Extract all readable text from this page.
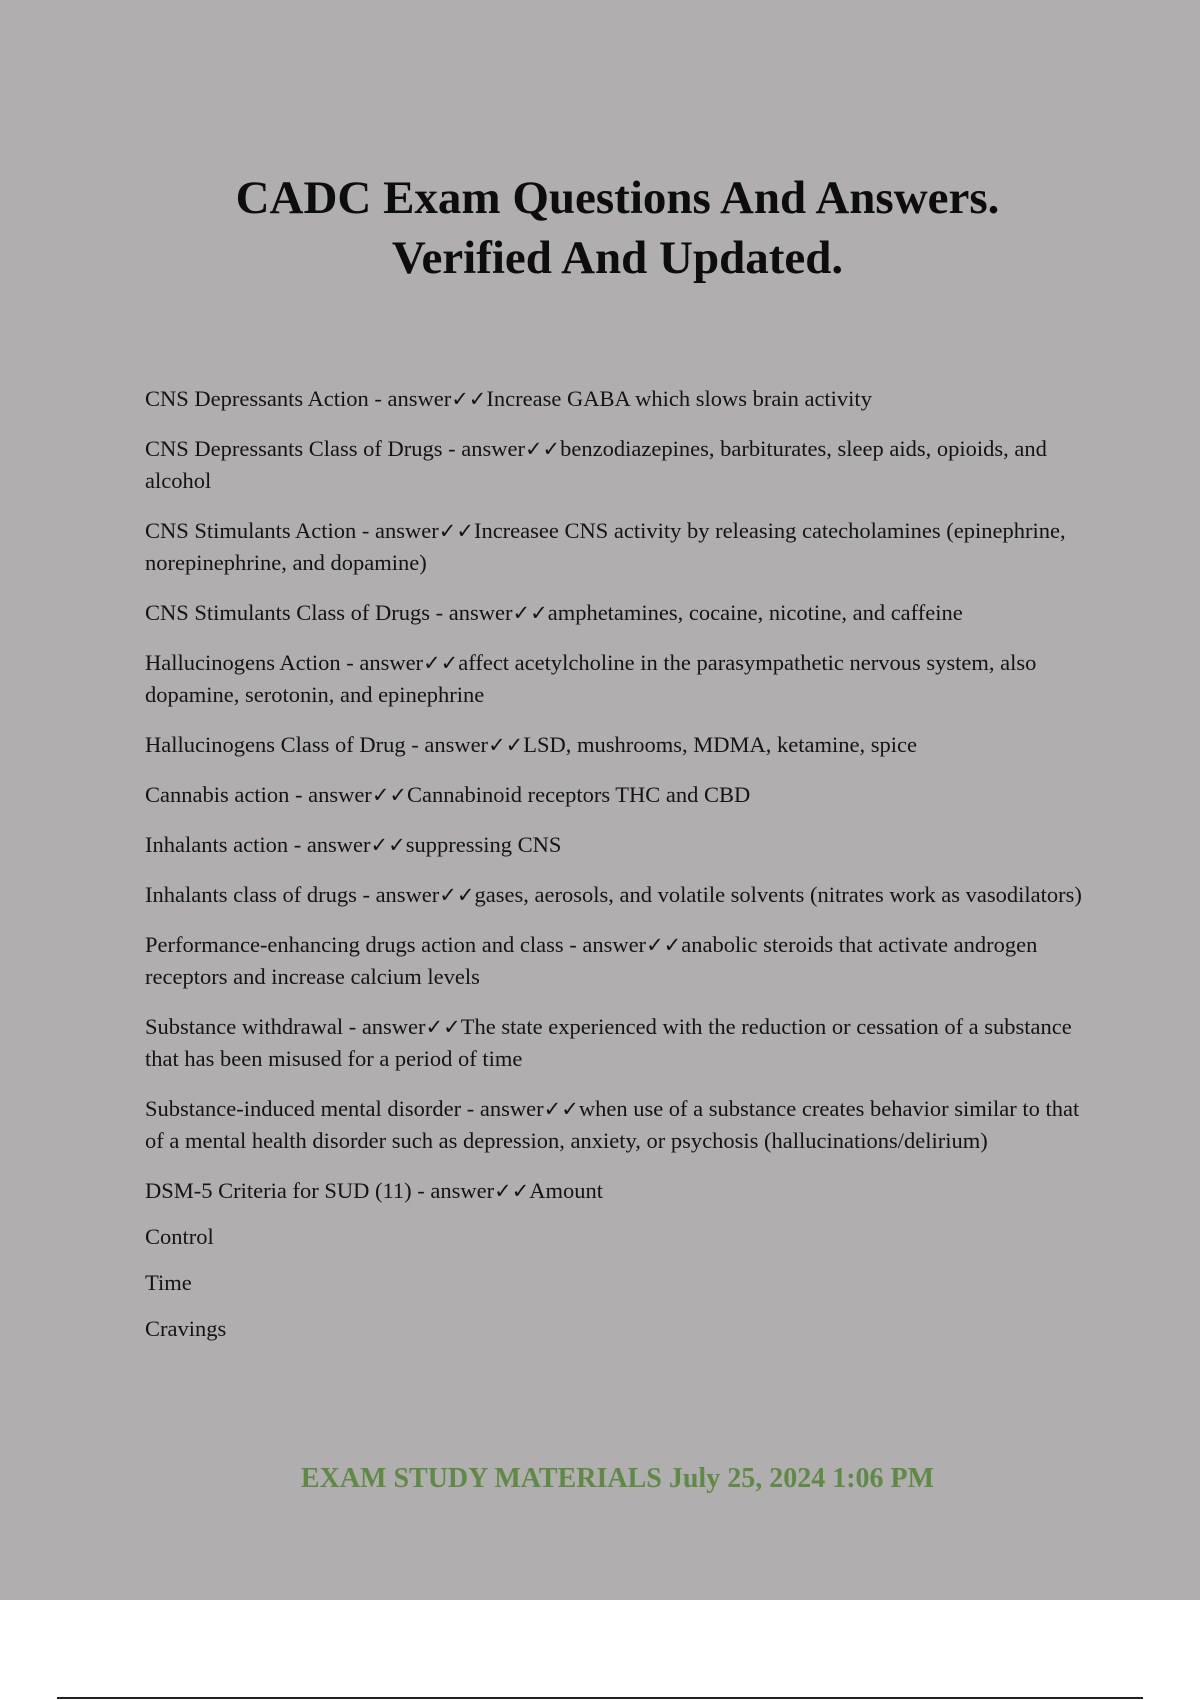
CADC Exam Questions And Answers.
Verified And Updated.
CNS Depressants Action - answer✓✓Increase GABA which slows brain activity
CNS Depressants Class of Drugs - answer✓✓benzodiazepines, barbiturates, sleep aids, opioids, and alcohol
CNS Stimulants Action - answer✓✓Increasee CNS activity by releasing catecholamines (epinephrine, norepinephrine, and dopamine)
CNS Stimulants Class of Drugs - answer✓✓amphetamines, cocaine, nicotine, and caffeine
Hallucinogens Action - answer✓✓affect acetylcholine in the parasympathetic nervous system, also dopamine, serotonin, and epinephrine
Hallucinogens Class of Drug - answer✓✓LSD, mushrooms, MDMA, ketamine, spice
Cannabis action - answer✓✓Cannabinoid receptors THC and CBD
Inhalants action - answer✓✓suppressing CNS
Inhalants class of drugs - answer✓✓gases, aerosols, and volatile solvents (nitrates work as vasodilators)
Performance-enhancing drugs action and class - answer✓✓anabolic steroids that activate androgen receptors and increase calcium levels
Substance withdrawal - answer✓✓The state experienced with the reduction or cessation of a substance that has been misused for a period of time
Substance-induced mental disorder - answer✓✓when use of a substance creates behavior similar to that of a mental health disorder such as depression, anxiety, or psychosis (hallucinations/delirium)
DSM-5 Criteria for SUD (11) - answer✓✓Amount
Control
Time
Cravings
EXAM STUDY MATERIALS July 25, 2024 1:06 PM
